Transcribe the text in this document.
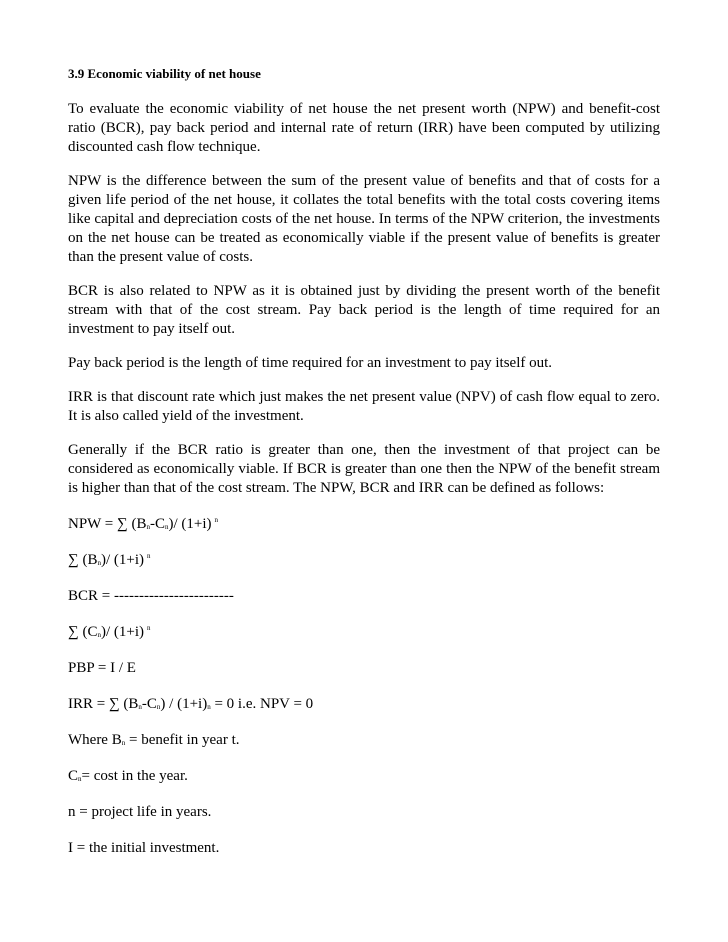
3.9 Economic viability of net house

To evaluate the economic viability of net house the net present worth (NPW) and benefit-cost ratio (BCR), pay back period and internal rate of return (IRR) have been computed by utilizing discounted cash flow technique.

NPW is the difference between the sum of the present value of benefits and that of costs for a given life period of the net house, it collates the total benefits with the total costs covering items like capital and depreciation costs of the net house. In terms of the NPW criterion, the investments on the net house can be treated as economically viable if the present value of benefits is greater than the present value of costs.

BCR is also related to NPW as it is obtained just by dividing the present worth of the benefit stream with that of the cost stream. Pay back period is the length of time required for an investment to pay itself out.

Pay back period is the length of time required for an investment to pay itself out.

IRR is that discount rate which just makes the net present value (NPV) of cash flow equal to zero. It is also called yield of the investment.

Generally if the BCR ratio is greater than one, then the investment of that project can be considered as economically viable. If BCR is greater than one then the NPW of the benefit stream is higher than that of the cost stream. The NPW, BCR and IRR can be defined as follows:

NPW = ∑ $(B_n-C_n)/$ (1+i) $^n$

∑ $(B_n)/$ (1+i) $^n$

BCR = ------------------------

∑ $(C_n)/$ (1+i) $^n$

PBP = I / E

IRR = ∑ $(B_n-C_n) / (1+i)_n = 0$ i.e. NPV = 0

Where $B_n$ = benefit in year t.

$C_n= \cos t$ in the year.

n = project life in years.

I = the initial investment.
